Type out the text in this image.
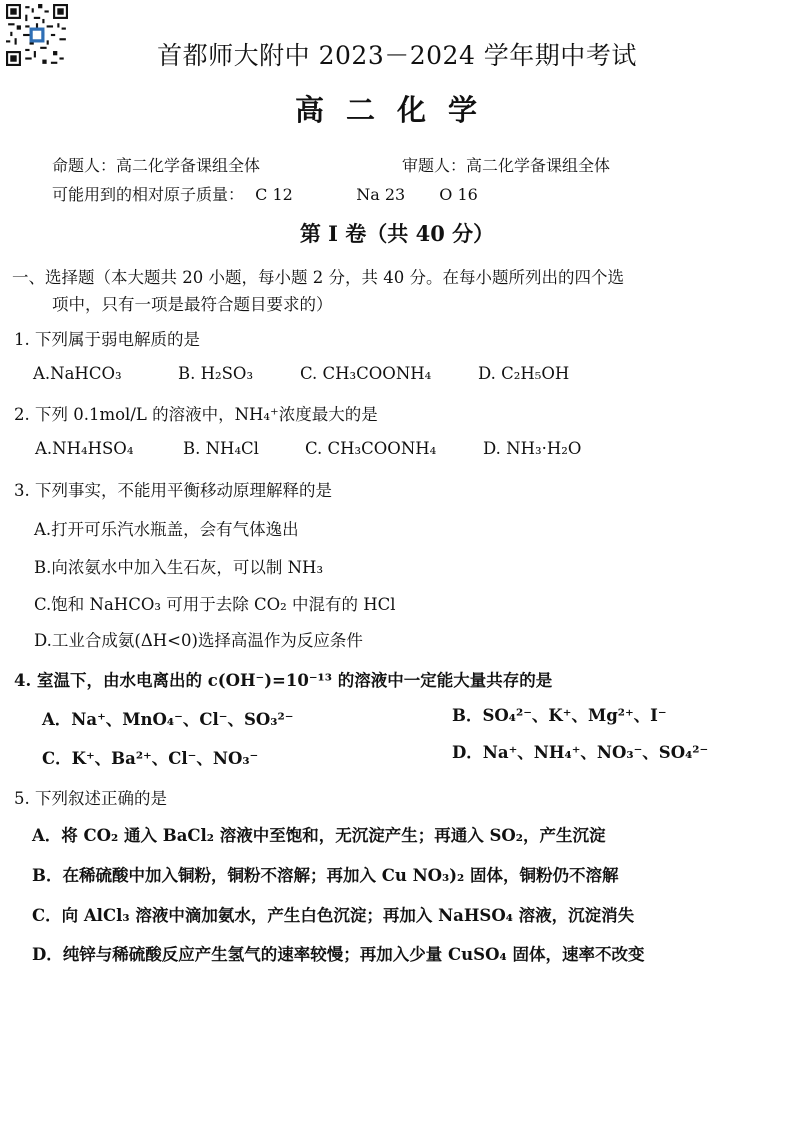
首都师大附中 2023－2024 学年期中考试
高二化学
命题人：高二化学备课组全体	审题人：高二化学备课组全体
可能用到的相对原子质量： C 12	Na 23 O 16
第 I 卷（共 40 分）
一、选择题（本大题共 20 小题，每小题 2 分，共 40 分。在每小题所列出的四个选
项中，只有一项是最符合题目要求的）
1. 下列属于弱电解质的是
A.NaHCO₃	B. H₂SO₃	C. CH₃COONH₄	D. C₂H₅OH
2. 下列 0.1mol/L 的溶液中，NH₄⁺浓度最大的是
A.NH₄HSO₄	B. NH₄Cl	C. CH₃COONH₄	D. NH₃·H₂O
3. 下列事实，不能用平衡移动原理解释的是
A.打开可乐汽水瓶盖，会有气体逸出
B.向浓氨水中加入生石灰，可以制 NH₃
C.饱和 NaHCO₃ 可用于去除 CO₂ 中混有的 HCl
D.工业合成氨(ΔH<0)选择高温作为反应条件
4. 室温下，由水电离出的 c(OH⁻)=10⁻¹³ 的溶液中一定能大量共存的是
A．Na⁺、MnO₄⁻、Cl⁻、SO₃²⁻	B．SO₄²⁻、K⁺、Mg²⁺、I⁻
C．K⁺、Ba²⁺、Cl⁻、NO₃⁻	D．Na⁺、NH₄⁺、NO₃⁻、SO₄²⁻
5. 下列叙述正确的是
A．将 CO₂ 通入 BaCl₂ 溶液中至饱和，无沉淀产生；再通入 SO₂，产生沉淀
B．在稀硫酸中加入铜粉，铜粉不溶解；再加入 Cu NO₃)₂ 固体，铜粉仍不溶解
C．向 AlCl₃ 溶液中滴加氨水，产生白色沉淀；再加入 NaHSO₄ 溶液，沉淀消失
D．纯锌与稀硫酸反应产生氢气的速率较慢；再加入少量 CuSO₄ 固体，速率不改变
